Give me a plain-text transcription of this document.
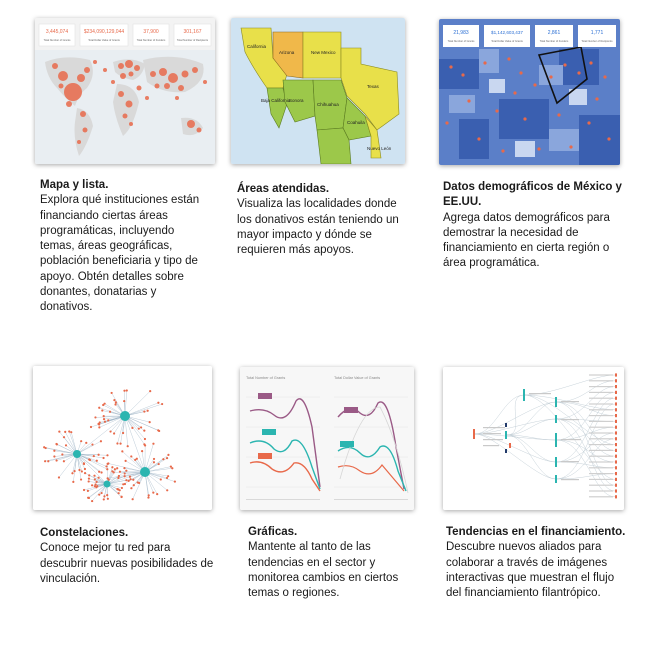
3,445,074
Total Number of Grants
$234,090,129,044
Total Dollar Value of Grants
37,900
Total Number of Funders
301,167
Total Number of Recipients
Mapa y lista.
Explora qué instituciones están financiando ciertas áreas programáticas, incluyendo temas, áreas geográficas, población beneficiaria y tipo de apoyo. Obtén detalles sobre donantes, donatarias y donativos.
California
Arizona	New Mexico
Texas
Baja California
Sonora
Chihuahua
Coahuila
Nuevo León
Áreas atendidas.
Visualiza las localidades donde los donativos están teniendo un mayor impacto y dónde se requieren más apoyos.
21,983
Total Number of Grants
$1,142,603,437
Total Dollar Value of Grants
2,861
Total Number of Funders
1,771
Total Number of Recipients
Datos demográficos de México y EE.UU.
Agrega datos demográficos para demostrar la necesidad de financiamiento en cierta región o área programática.
Constelaciones.
Conoce mejor tu red para descubrir nuevas posibilidades de vinculación.
Total Number of Grants	Total Dollar Value of Grants
Gráficas.
Mantente al tanto de las tendencias en el sector y monitorea cambios en ciertos temas o regiones.
Tendencias en el financiamiento.
Descubre nuevos aliados para colaborar a través de imágenes interactivas que muestran el flujo del financiamiento filantrópico.
